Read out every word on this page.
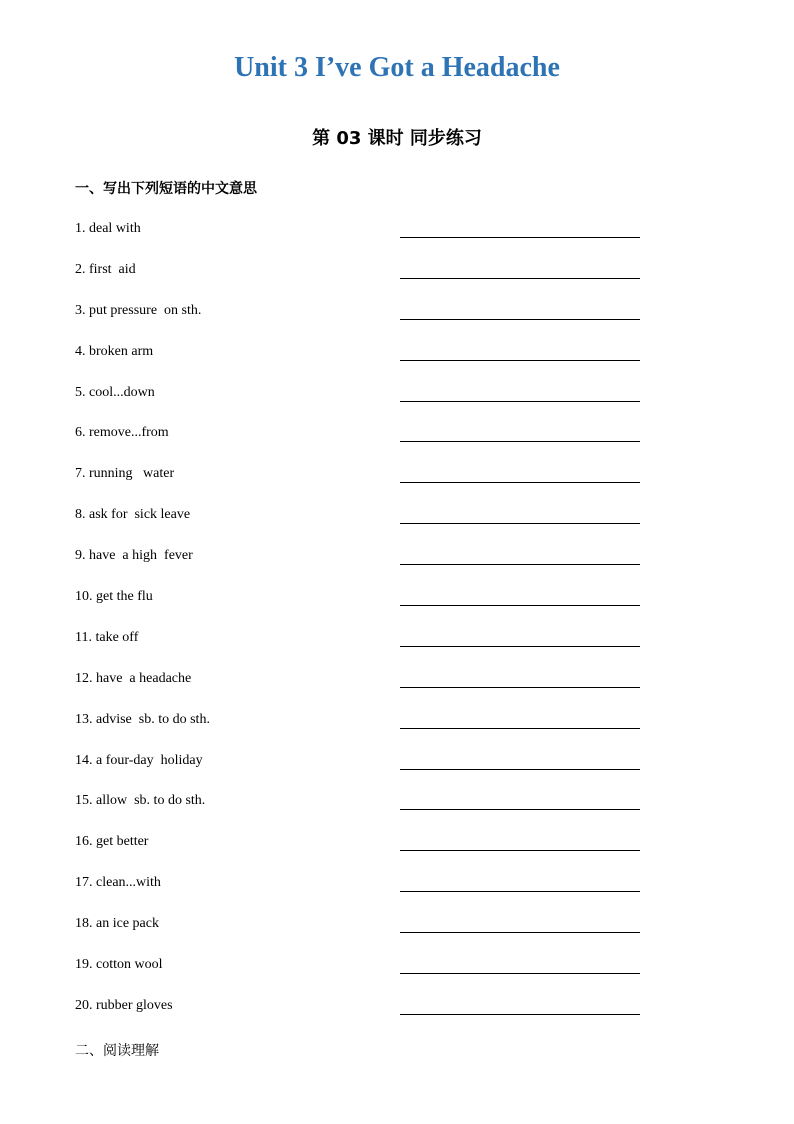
Unit 3 I’ve Got a Headache
第 03 课时 同步练习

一、写出下列短语的中文意思

1. deal with
2. first  aid
3. put pressure  on sth.
4. broken arm
5. cool...down
6. remove...from
7. running   water
8. ask for  sick leave
9. have  a high  fever
10. get the flu
11. take off
12. have  a headache
13. advise  sb. to do sth.
14. a four-day  holiday
15. allow  sb. to do sth.
16. get better
17. clean...with
18. an ice pack
19. cotton wool
20. rubber gloves

二、阅读理解
